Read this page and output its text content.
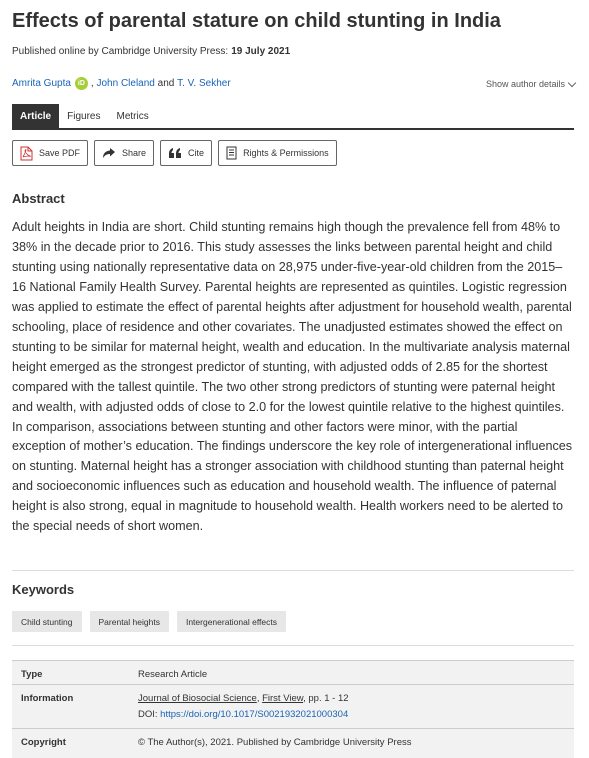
Effects of parental stature on child stunting in India
Published online by Cambridge University Press: 19 July 2021
Amrita Gupta	iD ,
John Cleland
and
T. V. Sekher	Show author details
Article	Figures	Metrics
Save PDF	Share	Cite	Rights & Permissions
Abstract
Adult heights in India are short. Child stunting remains high though the prevalence fell from 48% to 38% in the decade prior to 2016. This study assesses the links between parental height and child stunting using nationally representative data on 28,975 under-five-year-old children from the 2015–16 National Family Health Survey. Parental heights are represented as quintiles. Logistic regression was applied to estimate the effect of parental heights after adjustment for household wealth, parental schooling, place of residence and other covariates. The unadjusted estimates showed the effect on stunting to be similar for maternal height, wealth and education. In the multivariate analysis maternal height emerged as the strongest predictor of stunting, with adjusted odds of 2.85 for the shortest compared with the tallest quintile. The two other strong predictors of stunting were paternal height and wealth, with adjusted odds of close to 2.0 for the lowest quintile relative to the highest quintiles. In comparison, associations between stunting and other factors were minor, with the partial exception of mother’s education. The findings underscore the key role of intergenerational influences on stunting. Maternal height has a stronger association with childhood stunting than paternal height and socioeconomic influences such as education and household wealth. The influence of paternal height is also strong, equal in magnitude to household wealth. Health workers need to be alerted to the special needs of short women.
Keywords
Child stunting	Parental heights	Intergenerational effects
Type	Research Article
Information	Journal of Biosocial Science, First View, pp. 1 - 12
DOI: https://doi.org/10.1017/S0021932021000304
Copyright	© The Author(s), 2021. Published by Cambridge University Press
